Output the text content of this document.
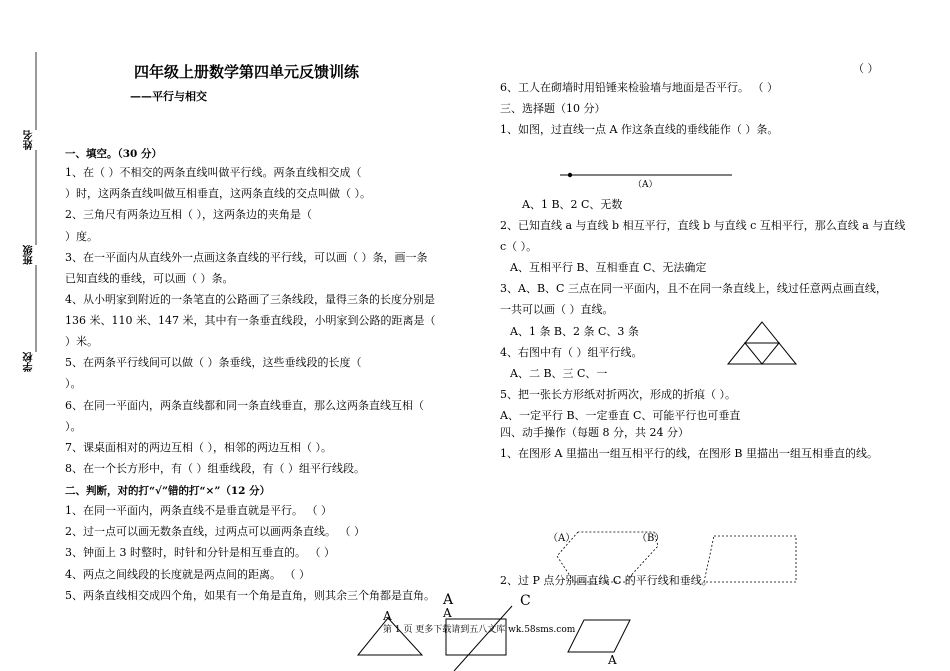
姓名
班级
学校
四年级上册数学第四单元反馈训练
——平行与相交
一、填空。（30 分）
1、在（ ）不相交的两条直线叫做平行线。两条直线相交成（
）时，这两条直线叫做互相垂直，这两条直线的交点叫做（ ）。
2、三角尺有两条边互相（ ），这两条边的夹角是（
）度。
3、在一平面内从直线外一点画这条直线的平行线，可以画（ ）条，画一条
已知直线的垂线，可以画（ ）条。
4、从小明家到附近的一条笔直的公路画了三条线段，量得三条的长度分别是
136 米、110 米、147 米，其中有一条垂直线段，小明家到公路的距离是（
）米。
5、在两条平行线间可以做（ ）条垂线，这些垂线段的长度（
）。
6、在同一平面内，两条直线都和同一条直线垂直，那么这两条直线互相（
）。
7、课桌面相对的两边互相（ ），相邻的两边互相（ ）。
8、在一个长方形中，有（ ）组垂线段，有（ ）组平行线段。
二、判断，对的打“√”错的打“×”（12 分）
1、在同一平面内，两条直线不是垂直就是平行。 （ ）
2、过一点可以画无数条直线，过两点可以画两条直线。 （ ）
3、钟面上 3 时整时，时针和分针是相互垂直的。 （ ）
4、两点之间线段的长度就是两点间的距离。 （ ）
5、两条直线相交成四个角，如果有一个角是直角，则其余三个角都是直角。
（ ）
6、工人在砌墙时用铅锤来检验墙与地面是否平行。 （ ）
三、选择题（10 分）
1、如图，过直线一点 A 作这条直线的垂线能作（ ）条。
（A）
A、1 B、2 C、无数
2、已知直线 a 与直线 b 相互平行，直线 b 与直线 c 互相平行，那么直线 a 与直线
c（ ）。
A、互相平行 B、互相垂直 C、无法确定
3、A、B、C 三点在同一平面内，且不在同一条直线上，线过任意两点画直线，
一共可以画（ ）直线。
A、1 条 B、2 条 C、3 条
4、右图中有（ ）组平行线。
A、二 B、三 C、一
5、把一张长方形纸对折两次，形成的折痕（ ）。
A、一定平行 B、一定垂直 C、可能平行也可垂直
四、动手操作（每题 8 分，共 24 分）
1、在图形 A 里描出一组互相平行的线，在图形 B 里描出一组互相垂直的线。
（A）	（B）
2、过 P 点分别画直线 C 的平行线和垂线。
A	C
A	A
A
第 1 页 更多下载请到五八文库 wk.58sms.com
